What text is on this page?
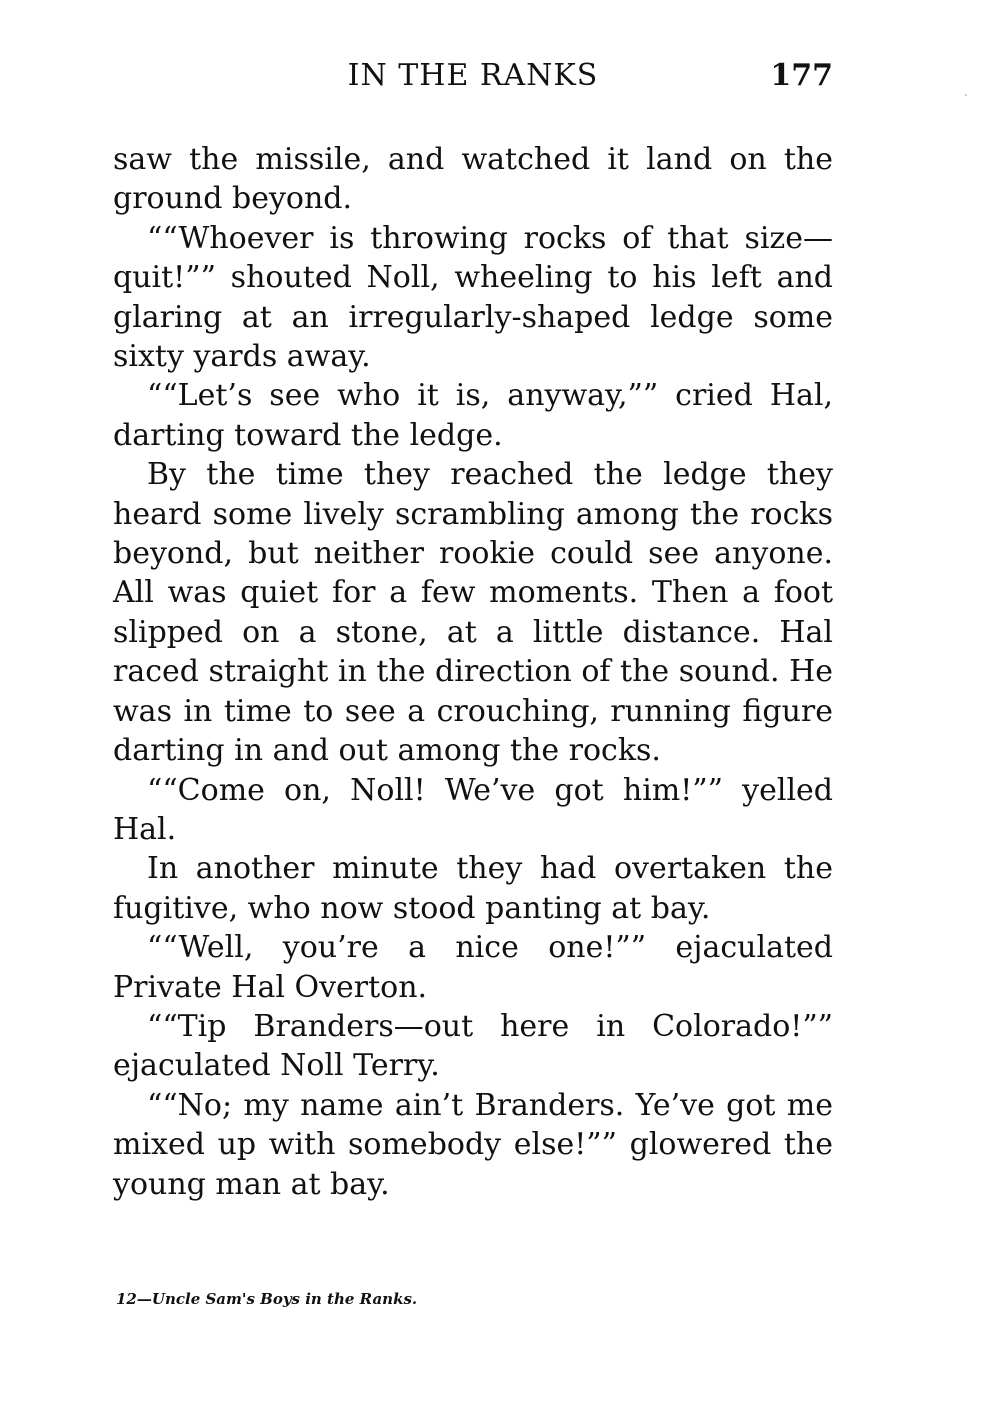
IN THE RANKS	177

saw the missile, and watched it land on the ground beyond.

““Whoever is throwing rocks of that size—quit!”” shouted Noll, wheeling to his left and glaring at an irregularly-shaped ledge some sixty yards away.

““Let’s see who it is, anyway,”” cried Hal, darting toward the ledge.

By the time they reached the ledge they heard some lively scrambling among the rocks beyond, but neither rookie could see anyone. All was quiet for a few moments. Then a foot slipped on a stone, at a little distance. Hal raced straight in the direction of the sound. He was in time to see a crouching, running figure darting in and out among the rocks.

““Come on, Noll! We’ve got him!”” yelled Hal.

In another minute they had overtaken the fugitive, who now stood panting at bay.

““Well, you’re a nice one!”” ejaculated Private Hal Overton.

““Tip Branders—out here in Colorado!”” ejaculated Noll Terry.

““No; my name ain’t Branders. Ye’ve got me mixed up with somebody else!”” glowered the young man at bay.

12—Uncle Sam's Boys in the Ranks.
